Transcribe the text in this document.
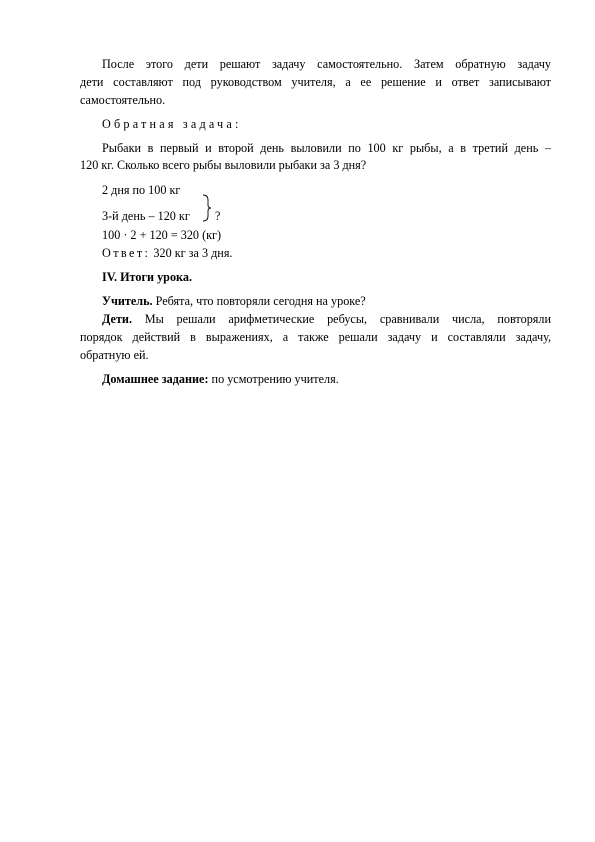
После этого дети решают задачу самостоятельно. Затем обратную задачу
дети составляют под руководством учителя, а ее решение и ответ записывают
самостоятельно.
Обратная задача:
Рыбаки в первый и второй день выловили по 100 кг рыбы, а в третий день –
120 кг. Сколько всего рыбы выловили рыбаки за 3 дня?
2 дня по 100 кг
3-й день – 120 кг ?
100 · 2 + 120 = 320 (кг)
Ответ: 320 кг за 3 дня.
IV. Итоги урока.
Учитель. Ребята, что повторяли сегодня на уроке?
Дети. Мы решали арифметические ребусы, сравнивали числа, повторяли
порядок действий в выражениях, а также решали задачу и составляли задачу,
обратную ей.
Домашнее задание: по усмотрению учителя.
